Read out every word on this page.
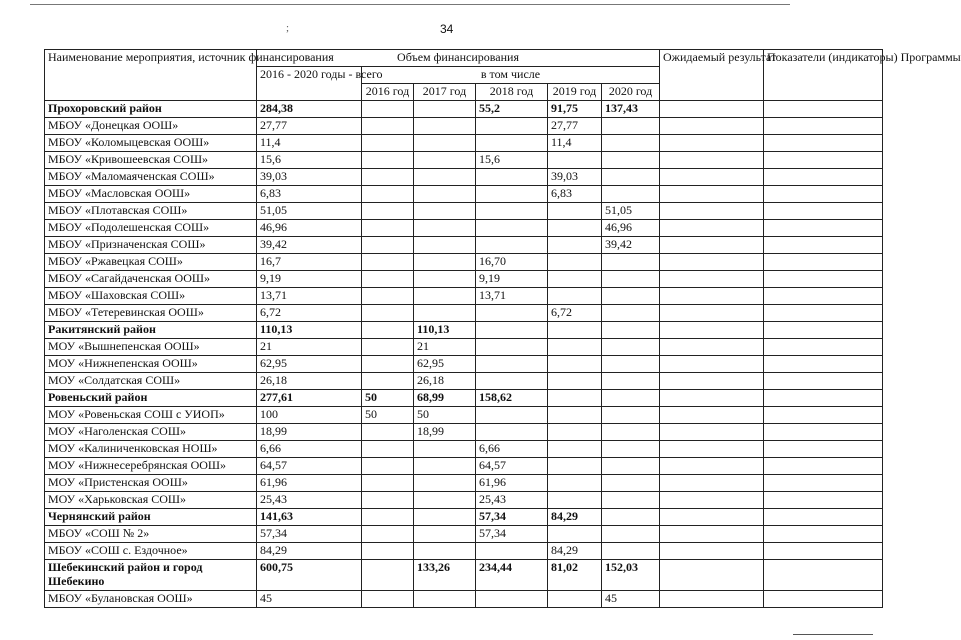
;	34
Наименование мероприятия, источник финансирования	Объем финансирования						Ожидаемый результат	Показатели (индикаторы) Программы
	2016 - 2020 годы - всего	в том числе						
		2016 год	2017 год	2018 год	2019 год	2020 год		
Прохоровский район	284,38			55,2	91,75	137,43		
МБОУ «Донецкая ООШ»	27,77				27,77			
МБОУ «Коломыцевская ООШ»	11,4				11,4			
МБОУ «Кривошеевская СОШ»	15,6			15,6				
МБОУ «Маломаяченская СОШ»	39,03				39,03			
МБОУ «Масловская ООШ»	6,83				6,83			
МБОУ «Плотавская СОШ»	51,05					51,05		
МБОУ «Подолешенская СОШ»	46,96					46,96		
МБОУ «Призначенская СОШ»	39,42					39,42		
МБОУ «Ржавецкая СОШ»	16,7			16,70				
МБОУ «Сагайдаченская ООШ»	9,19			9,19				
МБОУ «Шаховская СОШ»	13,71			13,71				
МБОУ «Тетеревинская ООШ»	6,72				6,72			
Ракитянский район	110,13		110,13					
МОУ «Вышнепенская ООШ»	21		21					
МОУ «Нижнепенская ООШ»	62,95		62,95					
МОУ «Солдатская СОШ»	26,18		26,18					
Ровеньский район	277,61	50	68,99	158,62				
МОУ «Ровеньская СОШ с УИОП»	100	50	50					
МОУ «Наголенская СОШ»	18,99		18,99					
МОУ «Калиниченковская НОШ»	6,66			6,66				
МОУ «Нижнесеребрянская ООШ»	64,57			64,57				
МОУ «Пристенская ООШ»	61,96			61,96				
МОУ «Харьковская СОШ»	25,43			25,43				
Чернянский район	141,63			57,34	84,29			
МБОУ «СОШ № 2»	57,34			57,34				
МБОУ «СОШ с. Ездочное»	84,29				84,29			
Шебекинский район и город Шебекино	600,75		133,26	234,44	81,02	152,03		
МБОУ «Булановская ООШ»	45					45		
